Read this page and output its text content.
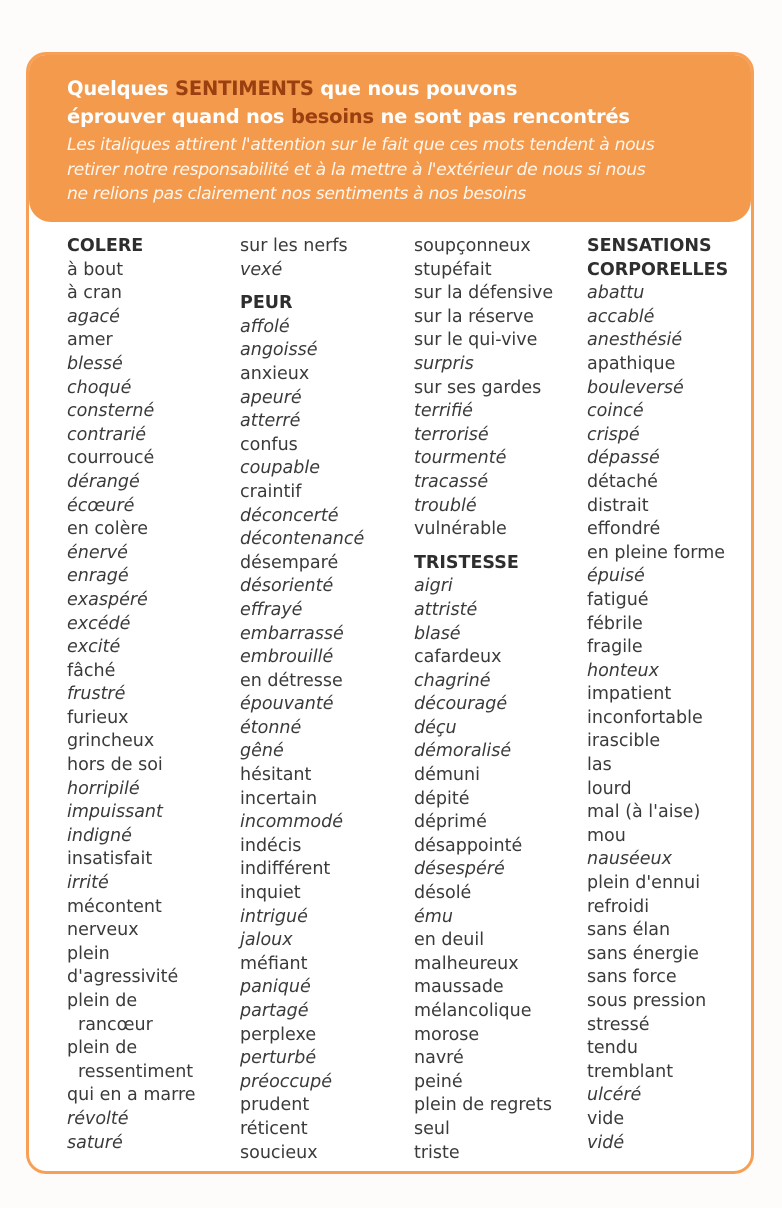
Quelques SENTIMENTS que nous pouvons
éprouver quand nos besoins ne sont pas rencontrés
Les italiques attirent l'attention sur le fait que ces mots tendent à nous
retirer notre responsabilité et à la mettre à l'extérieur de nous si nous
ne relions pas clairement nos sentiments à nos besoins
COLERE
à bout
à cran
agacé
amer
blessé
choqué
consterné
contrarié
courroucé
dérangé
écœuré
en colère
énervé
enragé
exaspéré
excédé
excité
fâché
frustré
furieux
grincheux
hors de soi
horripilé
impuissant
indigné
insatisfait
irrité
mécontent
nerveux
plein
d'agressivité
plein de
rancœur
plein de
ressentiment
qui en a marre
révolté
saturé
sur les nerfs
vexé
PEUR
affolé
angoissé
anxieux
apeuré
atterré
confus
coupable
craintif
déconcerté
décontenancé
désemparé
désorienté
effrayé
embarrassé
embrouillé
en détresse
épouvanté
étonné
gêné
hésitant
incertain
incommodé
indécis
indifférent
inquiet
intrigué
jaloux
méfiant
paniqué
partagé
perplexe
perturbé
préoccupé
prudent
réticent
soucieux
soupçonneux
stupéfait
sur la défensive
sur la réserve
sur le qui-vive
surpris
sur ses gardes
terrifié
terrorisé
tourmenté
tracassé
troublé
vulnérable
TRISTESSE
aigri
attristé
blasé
cafardeux
chagriné
découragé
déçu
démoralisé
démuni
dépité
déprimé
désappointé
désespéré
désolé
ému
en deuil
malheureux
maussade
mélancolique
morose
navré
peiné
plein de regrets
seul
triste
SENSATIONS
CORPORELLES
abattu
accablé
anesthésié
apathique
bouleversé
coincé
crispé
dépassé
détaché
distrait
effondré
en pleine forme
épuisé
fatigué
fébrile
fragile
honteux
impatient
inconfortable
irascible
las
lourd
mal (à l'aise)
mou
nauséeux
plein d'ennui
refroidi
sans élan
sans énergie
sans force
sous pression
stressé
tendu
tremblant
ulcéré
vide
vidé
